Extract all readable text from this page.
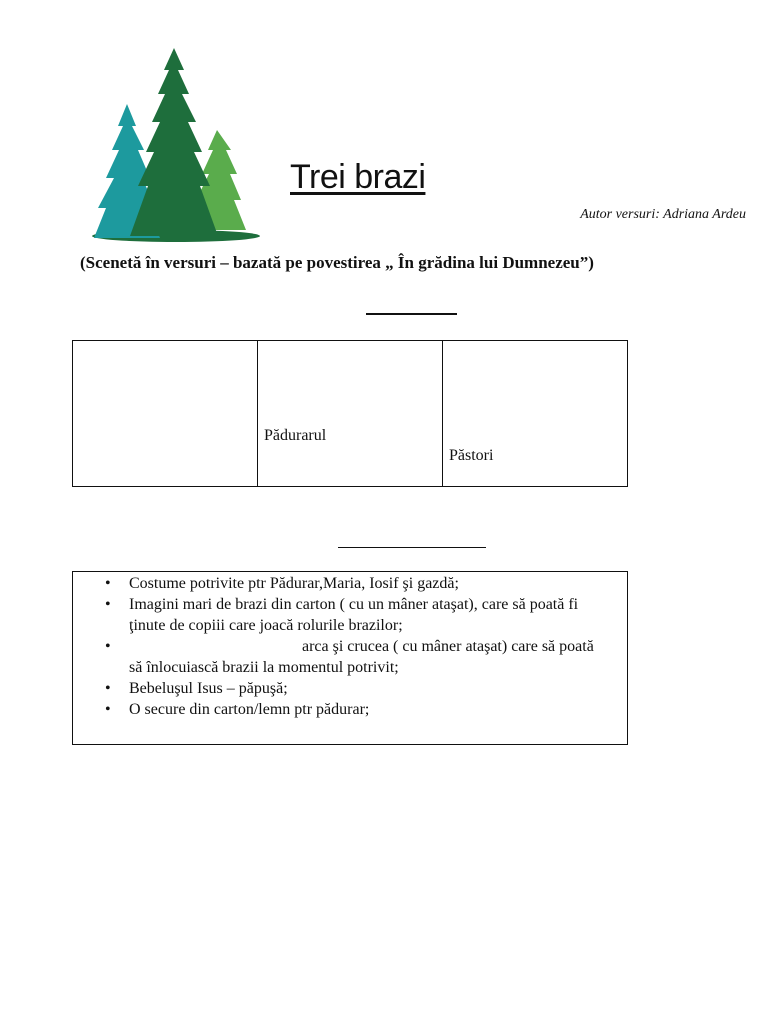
Trei brazi
Autor versuri: Adriana Ardeu
(Scenetă în versuri – bazată pe povestirea „ În grădina lui Dumnezeu”)
Pădurarul
Păstori
• Costume potrivite ptr Pădurar,Maria, Iosif şi gazdă;
• Imagini mari de brazi din carton ( cu un mâner ataşat), care să poată fi ţinute de copiii care joacă rolurile brazilor;
•	arca şi crucea ( cu mâner ataşat) care să poată să înlocuiască brazii la momentul potrivit;
• Bebeluşul Isus – păpuşă;
• O secure din carton/lemn ptr pădurar;
